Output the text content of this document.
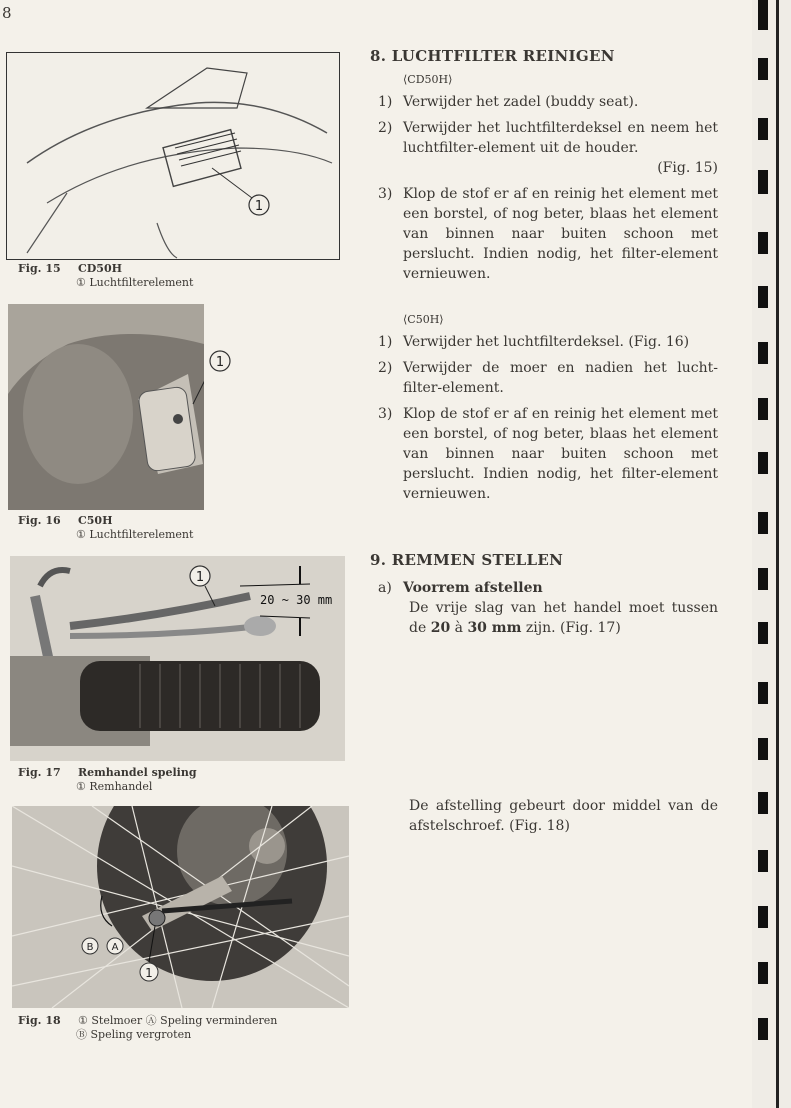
8
1
Fig. 15 CD50H
① Luchtfilterelement
1
Fig. 16 C50H
① Luchtfilterelement
1
20 ~ 30 mm
Fig. 17 Remhandel speling
① Remhandel
B A
1
Fig. 18 ① Stelmoer Ⓐ Speling verminderen
Ⓑ Speling vergroten
8. LUCHTFILTER REINIGEN
⟨CD50H⟩
1) Verwijder het zadel (buddy seat).
2) Verwijder het luchtfilterdeksel en neem het luchtfilter-element uit de houder.
(Fig. 15)
3) Klop de stof er af en reinig het element met een borstel, of nog beter, blaas het element van binnen naar buiten schoon met perslucht. Indien nodig, het filter-element vernieuwen.
⟨C50H⟩
1) Verwijder het luchtfilterdeksel. (Fig. 16)
2) Verwijder de moer en nadien het lucht-filter-element.
3) Klop de stof er af en reinig het element met een borstel, of nog beter, blaas het element van binnen naar buiten schoon met perslucht. Indien nodig, het filter-element vernieuwen.
9. REMMEN STELLEN
a) Voorrem afstellen
De vrije slag van het handel moet tussen de 20 à 30 mm zijn. (Fig. 17)
De afstelling gebeurt door middel van de afstelschroef. (Fig. 18)
